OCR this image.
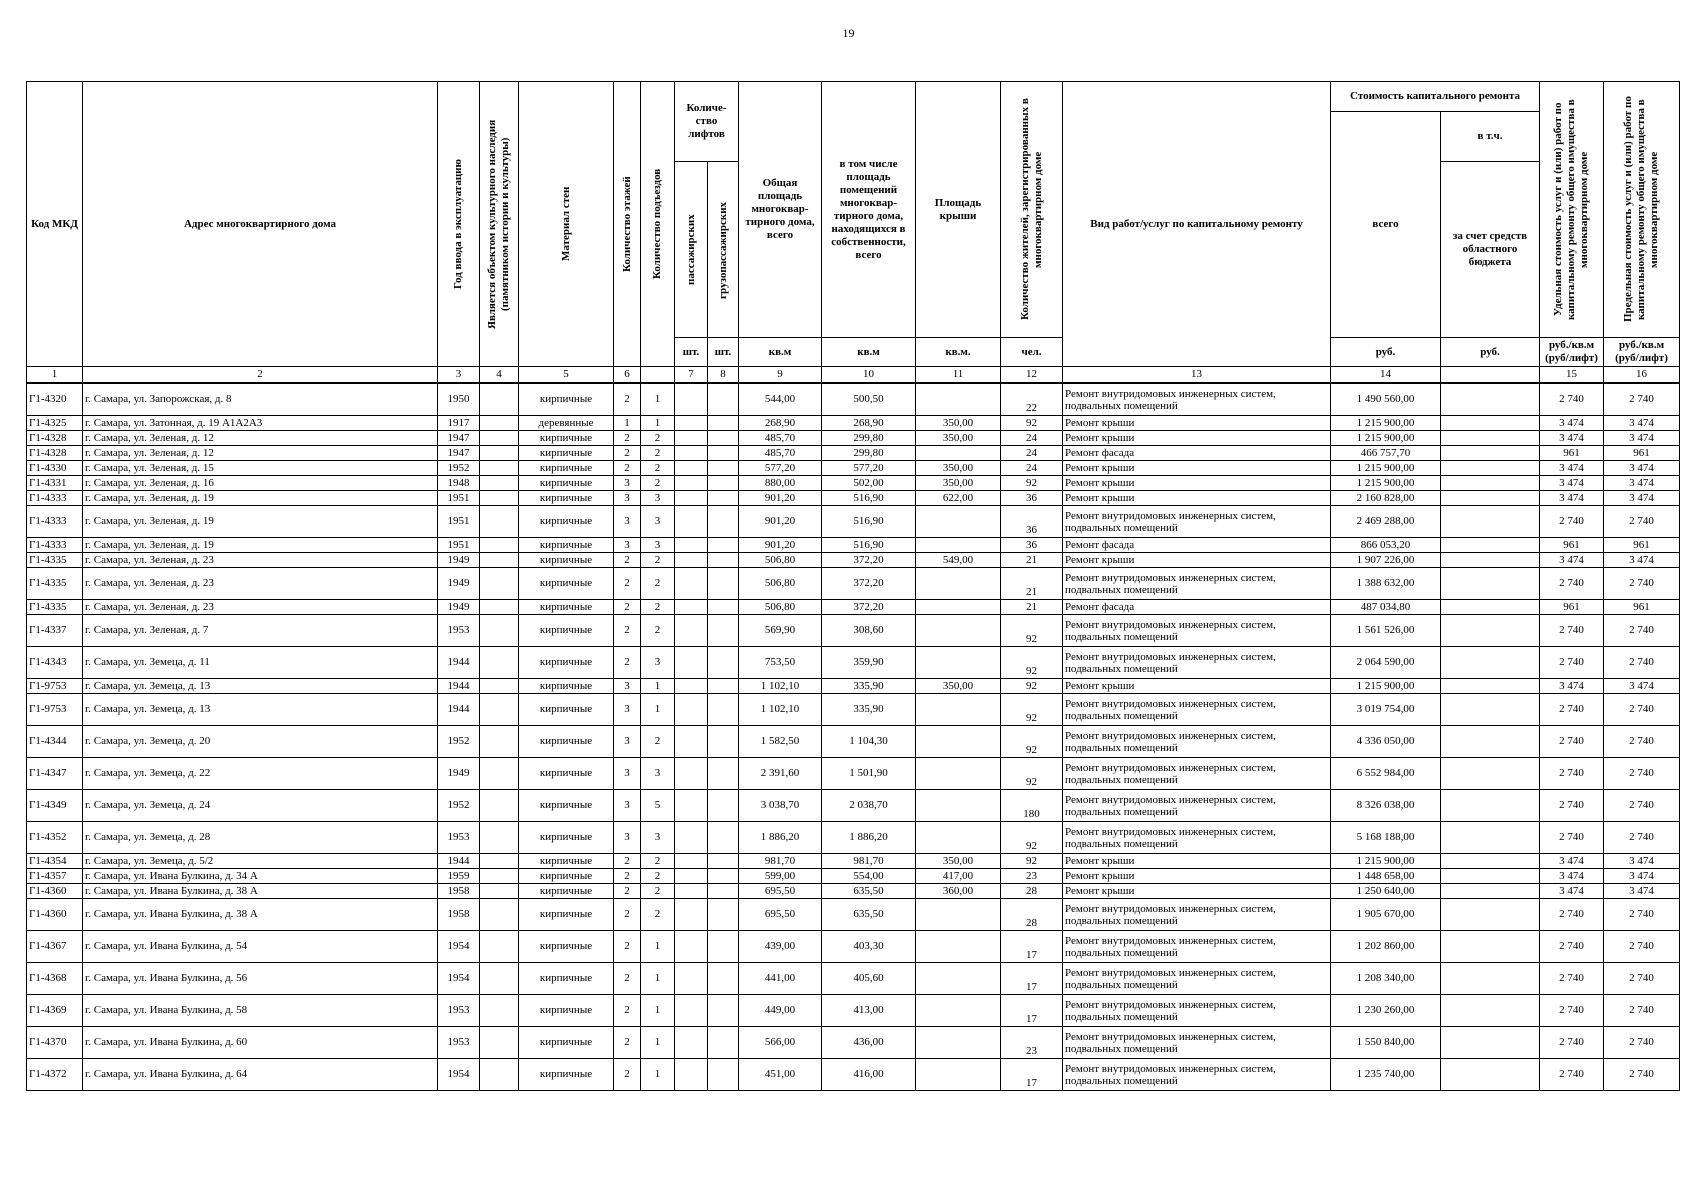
19
Код МКД	Адрес многоквартирного дома	Год ввода в эксплуатацию	Является объектом культурного наследия (памятником истории и культуры)	Материал стен	Количество этажей	Количество подъездов	Количе-ство лифтов		Общая площадь многоквар-тирного дома, всего	в том числе площадь помещений многоквар-тирного дома, находящихся в собственности, всего	Площадь крыши	Количество жителей, зарегистрированных в многоквартирном доме	Вид работ/услуг по капитальному ремонту	Стоимость капитального ремонта		Удельная стоимость услуг и (или) работ по капитальному ремонту общего имущества в многоквартирном доме	Предельная стоимость услуг и (или) работ по капитальному ремонту общего имущества в многоквартирном доме

														всего	в т.ч.		

							пассажирских	грузопассажирских							за счет средств областного бюджета		
							шт.	шт.	кв.м	кв.м	кв.м.	чел.		руб.	руб.	руб./кв.м (руб/лифт)	руб./кв.м (руб/лифт)
1	2	3	4	5	6		7	8	9	10	11	12	13	14		15	16
Г1-4320	г. Самара, ул. Запорожская, д. 8	1950		кирпичные	2	1			544,00	500,50		22	Ремонт внутридомовых инженерных систем, подвальных помещений	1 490 560,00		2 740	2 740
Г1-4325	г. Самара, ул. Затонная, д. 19 А1А2А3	1917		деревянные	1	1			268,90	268,90	350,00	92	Ремонт крыши	1 215 900,00		3 474	3 474
Г1-4328	г. Самара, ул. Зеленая, д. 12	1947		кирпичные	2	2			485,70	299,80	350,00	24	Ремонт крыши	1 215 900,00		3 474	3 474
Г1-4328	г. Самара, ул. Зеленая, д. 12	1947		кирпичные	2	2			485,70	299,80		24	Ремонт фасада	466 757,70		961	961
Г1-4330	г. Самара, ул. Зеленая, д. 15	1952		кирпичные	2	2			577,20	577,20	350,00	24	Ремонт крыши	1 215 900,00		3 474	3 474
Г1-4331	г. Самара, ул. Зеленая, д. 16	1948		кирпичные	3	2			880,00	502,00	350,00	92	Ремонт крыши	1 215 900,00		3 474	3 474
Г1-4333	г. Самара, ул. Зеленая, д. 19	1951		кирпичные	3	3			901,20	516,90	622,00	36	Ремонт крыши	2 160 828,00		3 474	3 474
Г1-4333	г. Самара, ул. Зеленая, д. 19	1951		кирпичные	3	3			901,20	516,90		36	Ремонт внутридомовых инженерных систем, подвальных помещений	2 469 288,00		2 740	2 740
Г1-4333	г. Самара, ул. Зеленая, д. 19	1951		кирпичные	3	3			901,20	516,90		36	Ремонт фасада	866 053,20		961	961
Г1-4335	г. Самара, ул. Зеленая, д. 23	1949		кирпичные	2	2			506,80	372,20	549,00	21	Ремонт крыши	1 907 226,00		3 474	3 474
Г1-4335	г. Самара, ул. Зеленая, д. 23	1949		кирпичные	2	2			506,80	372,20		21	Ремонт внутридомовых инженерных систем, подвальных помещений	1 388 632,00		2 740	2 740
Г1-4335	г. Самара, ул. Зеленая, д. 23	1949		кирпичные	2	2			506,80	372,20		21	Ремонт фасада	487 034,80		961	961
Г1-4337	г. Самара, ул. Зеленая, д. 7	1953		кирпичные	2	2			569,90	308,60		92	Ремонт внутридомовых инженерных систем, подвальных помещений	1 561 526,00		2 740	2 740
Г1-4343	г. Самара, ул. Земеца, д. 11	1944		кирпичные	2	3			753,50	359,90		92	Ремонт внутридомовых инженерных систем, подвальных помещений	2 064 590,00		2 740	2 740
Г1-9753	г. Самара, ул. Земеца, д. 13	1944		кирпичные	3	1			1 102,10	335,90	350,00	92	Ремонт крыши	1 215 900,00		3 474	3 474
Г1-9753	г. Самара, ул. Земеца, д. 13	1944		кирпичные	3	1			1 102,10	335,90		92	Ремонт внутридомовых инженерных систем, подвальных помещений	3 019 754,00		2 740	2 740
Г1-4344	г. Самара, ул. Земеца, д. 20	1952		кирпичные	3	2			1 582,50	1 104,30		92	Ремонт внутридомовых инженерных систем, подвальных помещений	4 336 050,00		2 740	2 740
Г1-4347	г. Самара, ул. Земеца, д. 22	1949		кирпичные	3	3			2 391,60	1 501,90		92	Ремонт внутридомовых инженерных систем, подвальных помещений	6 552 984,00		2 740	2 740
Г1-4349	г. Самара, ул. Земеца, д. 24	1952		кирпичные	3	5			3 038,70	2 038,70		180	Ремонт внутридомовых инженерных систем, подвальных помещений	8 326 038,00		2 740	2 740
Г1-4352	г. Самара, ул. Земеца, д. 28	1953		кирпичные	3	3			1 886,20	1 886,20		92	Ремонт внутридомовых инженерных систем, подвальных помещений	5 168 188,00		2 740	2 740
Г1-4354	г. Самара, ул. Земеца, д. 5/2	1944		кирпичные	2	2			981,70	981,70	350,00	92	Ремонт крыши	1 215 900,00		3 474	3 474
Г1-4357	г. Самара, ул. Ивана Булкина, д. 34 А	1959		кирпичные	2	2			599,00	554,00	417,00	23	Ремонт крыши	1 448 658,00		3 474	3 474
Г1-4360	г. Самара, ул. Ивана Булкина, д. 38 А	1958		кирпичные	2	2			695,50	635,50	360,00	28	Ремонт крыши	1 250 640,00		3 474	3 474
Г1-4360	г. Самара, ул. Ивана Булкина, д. 38 А	1958		кирпичные	2	2			695,50	635,50		28	Ремонт внутридомовых инженерных систем, подвальных помещений	1 905 670,00		2 740	2 740
Г1-4367	г. Самара, ул. Ивана Булкина, д. 54	1954		кирпичные	2	1			439,00	403,30		17	Ремонт внутридомовых инженерных систем, подвальных помещений	1 202 860,00		2 740	2 740
Г1-4368	г. Самара, ул. Ивана Булкина, д. 56	1954		кирпичные	2	1			441,00	405,60		17	Ремонт внутридомовых инженерных систем, подвальных помещений	1 208 340,00		2 740	2 740
Г1-4369	г. Самара, ул. Ивана Булкина, д. 58	1953		кирпичные	2	1			449,00	413,00		17	Ремонт внутридомовых инженерных систем, подвальных помещений	1 230 260,00		2 740	2 740
Г1-4370	г. Самара, ул. Ивана Булкина, д. 60	1953		кирпичные	2	1			566,00	436,00		23	Ремонт внутридомовых инженерных систем, подвальных помещений	1 550 840,00		2 740	2 740
Г1-4372	г. Самара, ул. Ивана Булкина, д. 64	1954		кирпичные	2	1			451,00	416,00		17	Ремонт внутридомовых инженерных систем, подвальных помещений	1 235 740,00		2 740	2 740
